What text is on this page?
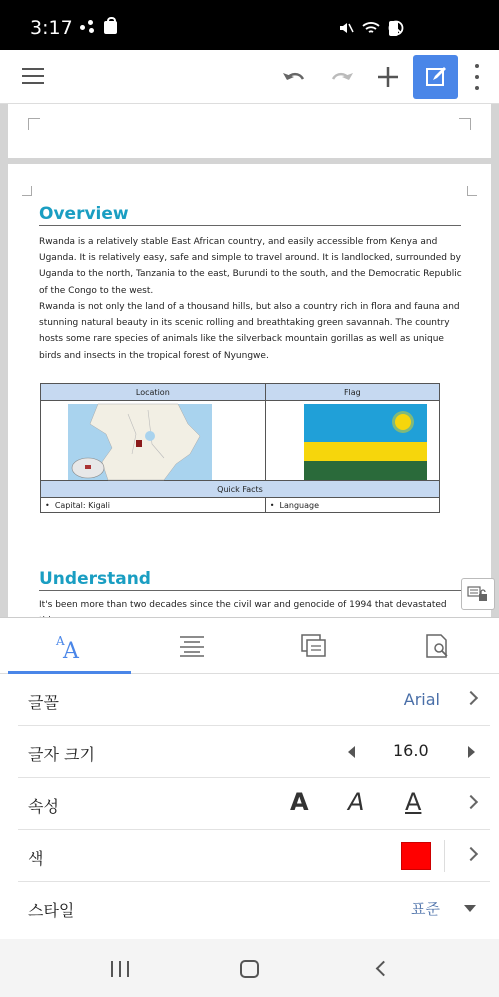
3:17
Overview
Rwanda is a relatively stable East African country, and easily accessible from Kenya and
Uganda. It is relatively easy, safe and simple to travel around. It is landlocked, surrounded by
Uganda to the north, Tanzania to the east, Burundi to the south, and the Democratic Republic
of the Congo to the west.
Rwanda is not only the land of a thousand hills, but also a country rich in flora and fauna and
stunning natural beauty in its scenic rolling and breathtaking green savannah. The country
hosts some rare species of animals like the silverback mountain gorillas as well as unique
birds and insects in the tropical forest of Nyungwe.
Location	Flag

Quick Facts	
•  Capital: Kigali	•  Language
Understand
It's been more than two decades since the civil war and genocide of 1994 that devastated
A
A
글꼴	Arial
글자 크기	16.0
속성	A A A
색
스타일	표준
